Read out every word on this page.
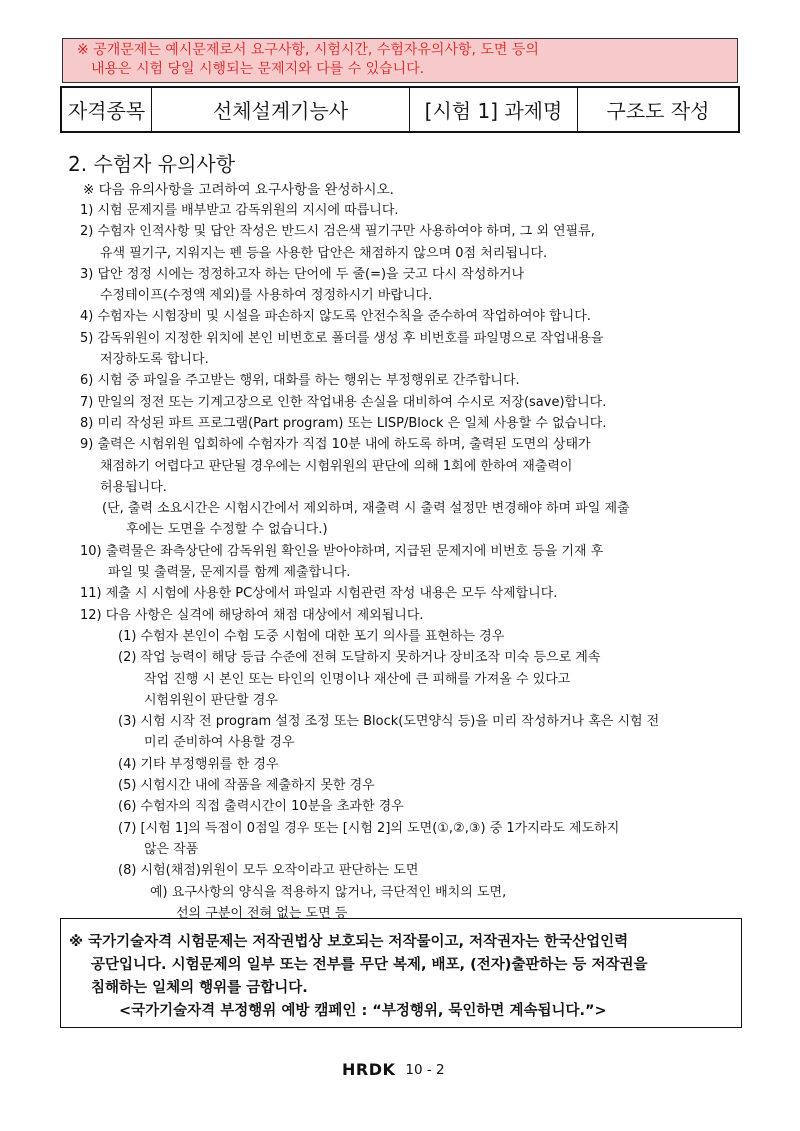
※ 공개문제는 예시문제로서 요구사항, 시험시간, 수험자유의사항, 도면 등의
내용은 시험 당일 시행되는 문제지와 다를 수 있습니다.
자격종목	선체설계기능사	[시험 1] 과제명	구조도 작성
2. 수험자 유의사항
※ 다음 유의사항을 고려하여 요구사항을 완성하시오.
1) 시험 문제지를 배부받고 감독위원의 지시에 따릅니다.
2) 수험자 인적사항 및 답안 작성은 반드시 검은색 필기구만 사용하여야 하며, 그 외 연필류,
유색 필기구, 지워지는 펜 등을 사용한 답안은 채점하지 않으며 0점 처리됩니다.
3) 답안 정정 시에는 정정하고자 하는 단어에 두 줄(=)을 긋고 다시 작성하거나
수정테이프(수정액 제외)를 사용하여 정정하시기 바랍니다.
4) 수험자는 시험장비 및 시설을 파손하지 않도록 안전수칙을 준수하여 작업하여야 합니다.
5) 감독위원이 지정한 위치에 본인 비번호로 폴더를 생성 후 비번호를 파일명으로 작업내용을
저장하도록 합니다.
6) 시험 중 파일을 주고받는 행위, 대화를 하는 행위는 부정행위로 간주합니다.
7) 만일의 정전 또는 기계고장으로 인한 작업내용 손실을 대비하여 수시로 저장(save)합니다.
8) 미리 작성된 파트 프로그램(Part program) 또는 LISP/Block 은 일체 사용할 수 없습니다.
9) 출력은 시험위원 입회하에 수험자가 직접 10분 내에 하도록 하며, 출력된 도면의 상태가
채점하기 어렵다고 판단될 경우에는 시험위원의 판단에 의해 1회에 한하여 재출력이
허용됩니다.
(단, 출력 소요시간은 시험시간에서 제외하며, 재출력 시 출력 설정만 변경해야 하며 파일 제출
후에는 도면을 수정할 수 없습니다.)
10) 출력물은 좌측상단에 감독위원 확인을 받아야하며, 지급된 문제지에 비번호 등을 기재 후
파일 및 출력물, 문제지를 함께 제출합니다.
11) 제출 시 시험에 사용한 PC상에서 파일과 시험관련 작성 내용은 모두 삭제합니다.
12) 다음 사항은 실격에 해당하여 채점 대상에서 제외됩니다.
(1) 수험자 본인이 수험 도중 시험에 대한 포기 의사를 표현하는 경우
(2) 작업 능력이 해당 등급 수준에 전혀 도달하지 못하거나 장비조작 미숙 등으로 계속
작업 진행 시 본인 또는 타인의 인명이나 재산에 큰 피해를 가져올 수 있다고
시험위원이 판단할 경우
(3) 시험 시작 전 program 설정 조정 또는 Block(도면양식 등)을 미리 작성하거나 혹은 시험 전
미리 준비하여 사용할 경우
(4) 기타 부정행위를 한 경우
(5) 시험시간 내에 작품을 제출하지 못한 경우
(6) 수험자의 직접 출력시간이 10분을 초과한 경우
(7) [시험 1]의 득점이 0점일 경우 또는 [시험 2]의 도면(①,②,③) 중 1가지라도 제도하지
않은 작품
(8) 시험(채점)위원이 모두 오작이라고 판단하는 도면
예) 요구사항의 양식을 적용하지 않거나, 극단적인 배치의 도면,
선의 구분이 전혀 없는 도면 등
※ 국가기술자격 시험문제는 저작권법상 보호되는 저작물이고, 저작권자는 한국산업인력
공단입니다. 시험문제의 일부 또는 전부를 무단 복제, 배포, (전자)출판하는 등 저작권을
침해하는 일체의 행위를 금합니다.
<국가기술자격 부정행위 예방 캠페인 : “부정행위, 묵인하면 계속됩니다.”>
HRDK 10 - 2
